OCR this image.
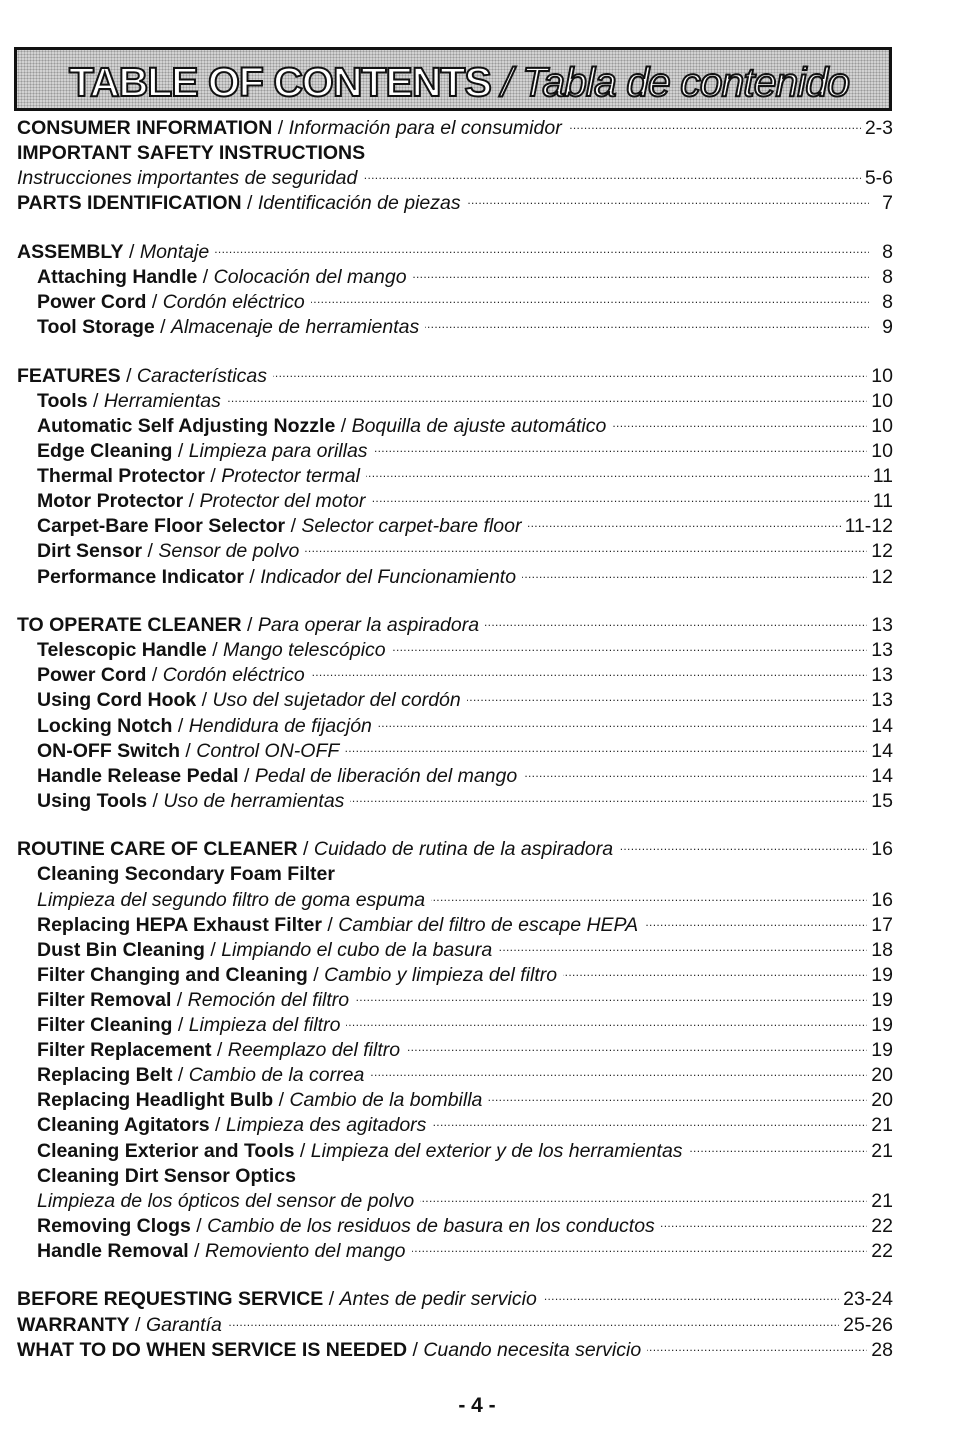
TABLE OF CONTENTS / Tabla de contenido
CONSUMER INFORMATION / Información para el consumidor . . .	2-3
IMPORTANT SAFETY INSTRUCTIONS
Instrucciones importantes de seguridad . . .	5-6
PARTS IDENTIFICATION / Identificación de piezas . . .	7
ASSEMBLY / Montaje . . .	8
Attaching Handle / Colocación del mango . . .	8
Power Cord / Cordón eléctrico . . .	8
Tool Storage / Almacenaje de herramientas . . .	9
FEATURES / Características . . .	10
Tools / Herramientas . . .	10
Automatic Self Adjusting Nozzle / Boquilla de ajuste automático . . .	10
Edge Cleaning / Limpieza para orillas . . .	10
Thermal Protector / Protector termal . . .	11
Motor Protector / Protector del motor . . .	11
Carpet-Bare Floor Selector / Selector carpet-bare floor . . .	11-12
Dirt Sensor / Sensor de polvo . . .	12
Performance Indicator / Indicador del Funcionamiento . . .	12
TO OPERATE CLEANER / Para operar la aspiradora . . .	13
Telescopic Handle / Mango telescópico . . .	13
Power Cord / Cordón eléctrico . . .	13
Using Cord Hook / Uso del sujetador del cordón . . .	13
Locking Notch / Hendidura de fijacjón . . .	14
ON-OFF Switch / Control ON-OFF . . .	14
Handle Release Pedal / Pedal de liberación del mango . . .	14
Using Tools / Uso de herramientas . . .	15
ROUTINE CARE OF CLEANER / Cuidado de rutina de la aspiradora . . .	16
Cleaning Secondary Foam Filter
Limpieza del segundo filtro de goma espuma . . .	16
Replacing HEPA Exhaust Filter / Cambiar del filtro de escape HEPA . . .	17
Dust Bin Cleaning / Limpiando el cubo de la basura . . .	18
Filter Changing and Cleaning / Cambio y limpieza del filtro . . .	19
Filter Removal / Remoción del filtro . . .	19
Filter Cleaning / Limpieza del filtro . . .	19
Filter Replacement / Reemplazo del filtro . . .	19
Replacing Belt / Cambio de la correa . . .	20
Replacing Headlight Bulb / Cambio de la bombilla . . .	20
Cleaning Agitators / Limpieza des agitadors . . .	21
Cleaning Exterior and Tools / Limpieza del exterior y de los herramientas . . .	21
Cleaning Dirt Sensor Optics
Limpieza de los ópticos del sensor de polvo . . .	21
Removing Clogs / Cambio de los residuos de basura en los conductos . . .	22
Handle Removal / Removiento del mango . . .	22
BEFORE REQUESTING SERVICE / Antes de pedir servicio . . .	23-24
WARRANTY / Garantía . . .	25-26
WHAT TO DO WHEN SERVICE IS NEEDED / Cuando necesita servicio . . .	28
- 4 -
